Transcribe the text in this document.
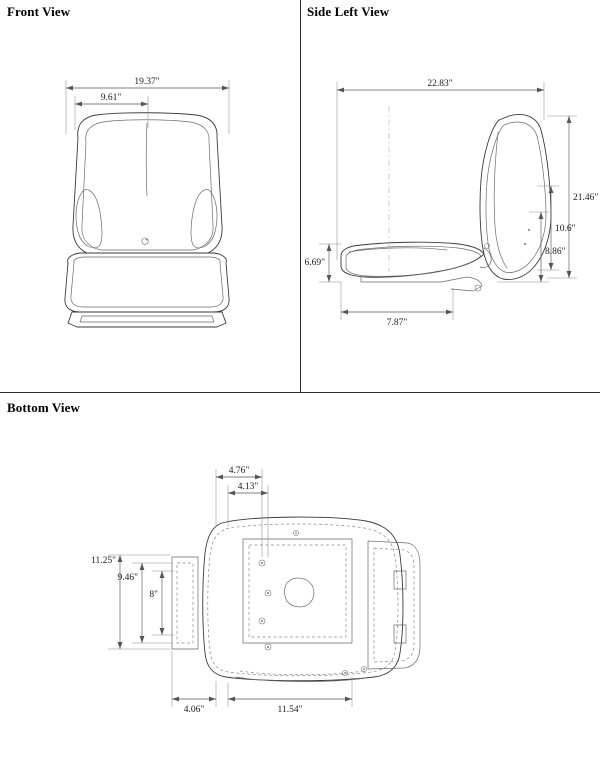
Front View	Side Left View
Bottom View
19.37"
9.61"
22.83"
21.46"
10.6"
8.86"
6.69"
7.87"
4.76"
4.13"
11.25"
9.46"
8"
4.06"	11.54"
